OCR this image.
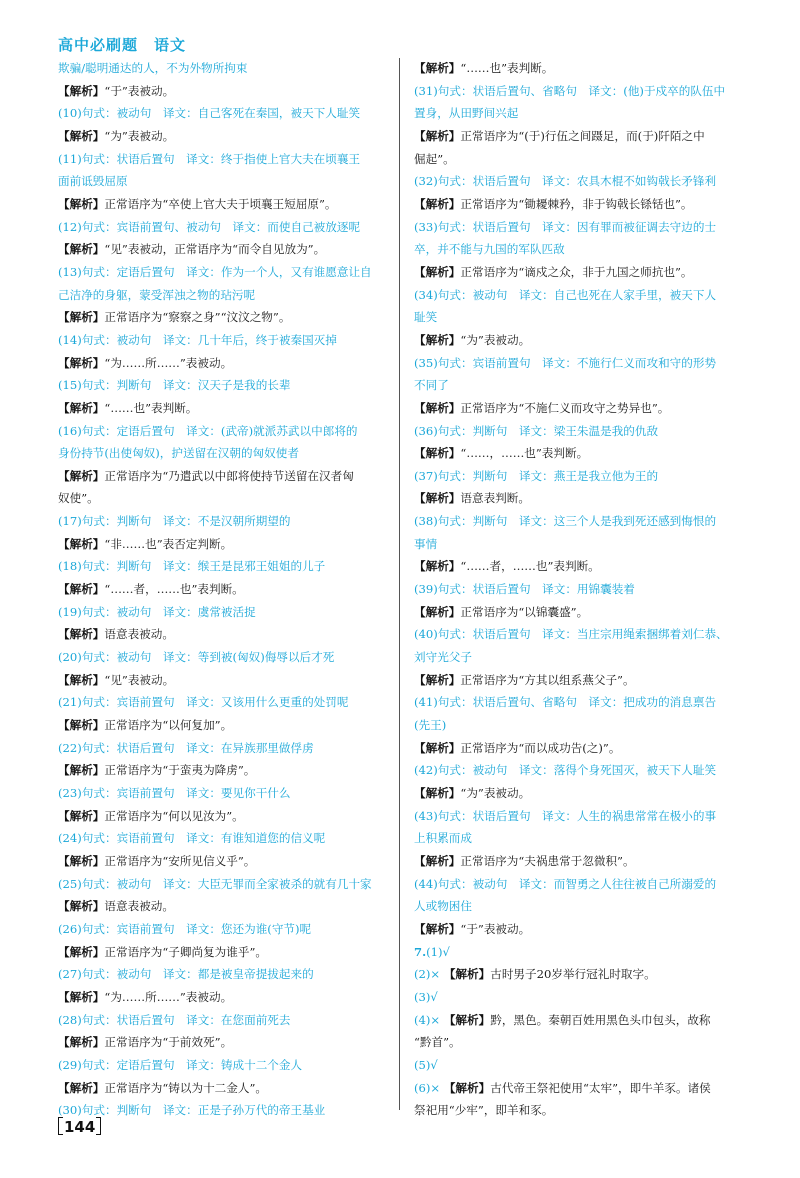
高中必刷题　语文
欺骗/聪明通达的人，不为外物所拘束
【解析】“于”表被动。
(10)句式：被动句　译文：自己客死在秦国，被天下人耻笑
【解析】“为”表被动。
(11)句式：状语后置句　译文：终于指使上官大夫在顷襄王
面前诋毁屈原
【解析】正常语序为“卒使上官大夫于顷襄王短屈原”。
(12)句式：宾语前置句、被动句　译文：而使自己被放逐呢
【解析】“见”表被动，正常语序为“而令自见放为”。
(13)句式：定语后置句　译文：作为一个人，又有谁愿意让自
己洁净的身躯，蒙受浑浊之物的玷污呢
【解析】正常语序为“察察之身”“汶汶之物”。
(14)句式：被动句　译文：几十年后，终于被秦国灭掉
【解析】“为……所……”表被动。
(15)句式：判断句　译文：汉天子是我的长辈
【解析】“……也”表判断。
(16)句式：定语后置句　译文：(武帝)就派苏武以中郎将的
身份持节(出使匈奴)，护送留在汉朝的匈奴使者
【解析】正常语序为“乃遣武以中郎将使持节送留在汉者匈
奴使”。
(17)句式：判断句　译文：不是汉朝所期望的
【解析】“非……也”表否定判断。
(18)句式：判断句　译文：缑王是昆邪王姐姐的儿子
【解析】“……者，……也”表判断。
(19)句式：被动句　译文：虞常被活捉
【解析】语意表被动。
(20)句式：被动句　译文：等到被(匈奴)侮辱以后才死
【解析】“见”表被动。
(21)句式：宾语前置句　译文：又该用什么更重的处罚呢
【解析】正常语序为“以何复加”。
(22)句式：状语后置句　译文：在异族那里做俘虏
【解析】正常语序为“于蛮夷为降虏”。
(23)句式：宾语前置句　译文：要见你干什么
【解析】正常语序为“何以见汝为”。
(24)句式：宾语前置句　译文：有谁知道您的信义呢
【解析】正常语序为“安所见信义乎”。
(25)句式：被动句　译文：大臣无罪而全家被杀的就有几十家
【解析】语意表被动。
(26)句式：宾语前置句　译文：您还为谁(守节)呢
【解析】正常语序为“子卿尚复为谁乎”。
(27)句式：被动句　译文：都是被皇帝提拔起来的
【解析】“为……所……”表被动。
(28)句式：状语后置句　译文：在您面前死去
【解析】正常语序为“于前效死”。
(29)句式：定语后置句　译文：铸成十二个金人
【解析】正常语序为“铸以为十二金人”。
(30)句式：判断句　译文：正是子孙万代的帝王基业
【解析】“……也”表判断。
(31)句式：状语后置句、省略句　译文：(他)于戍卒的队伍中
置身，从田野间兴起
【解析】正常语序为“(于)行伍之间蹑足，而(于)阡陌之中
倔起”。
(32)句式：状语后置句　译文：农具木棍不如钩戟长矛锋利
【解析】正常语序为“锄耰棘矜，非于钩戟长铩铦也”。
(33)句式：状语后置句　译文：因有罪而被征调去守边的士
卒，并不能与九国的军队匹敌
【解析】正常语序为“谪戍之众，非于九国之师抗也”。
(34)句式：被动句　译文：自己也死在人家手里，被天下人
耻笑
【解析】“为”表被动。
(35)句式：宾语前置句　译文：不施行仁义而攻和守的形势
不同了
【解析】正常语序为“不施仁义而攻守之势异也”。
(36)句式：判断句　译文：梁王朱温是我的仇敌
【解析】“……，……也”表判断。
(37)句式：判断句　译文：燕王是我立他为王的
【解析】语意表判断。
(38)句式：判断句　译文：这三个人是我到死还感到悔恨的
事情
【解析】“……者，……也”表判断。
(39)句式：状语后置句　译文：用锦囊装着
【解析】正常语序为“以锦囊盛”。
(40)句式：状语后置句　译文：当庄宗用绳索捆绑着刘仁恭、
刘守光父子
【解析】正常语序为“方其以组系燕父子”。
(41)句式：状语后置句、省略句　译文：把成功的消息禀告
(先王)
【解析】正常语序为“而以成功告(之)”。
(42)句式：被动句　译文：落得个身死国灭，被天下人耻笑
【解析】“为”表被动。
(43)句式：状语后置句　译文：人生的祸患常常在极小的事
上积累而成
【解析】正常语序为“夫祸患常于忽微积”。
(44)句式：被动句　译文：而智勇之人往往被自己所溺爱的
人或物困住
【解析】“于”表被动。
7.(1)√
(2)× 【解析】古时男子20岁举行冠礼时取字。
(3)√
(4)× 【解析】黔，黑色。秦朝百姓用黑色头巾包头，故称
“黔首”。
(5)√
(6)× 【解析】古代帝王祭祀使用“太牢”，即牛羊豕。诸侯
祭祀用“少牢”，即羊和豕。
144
